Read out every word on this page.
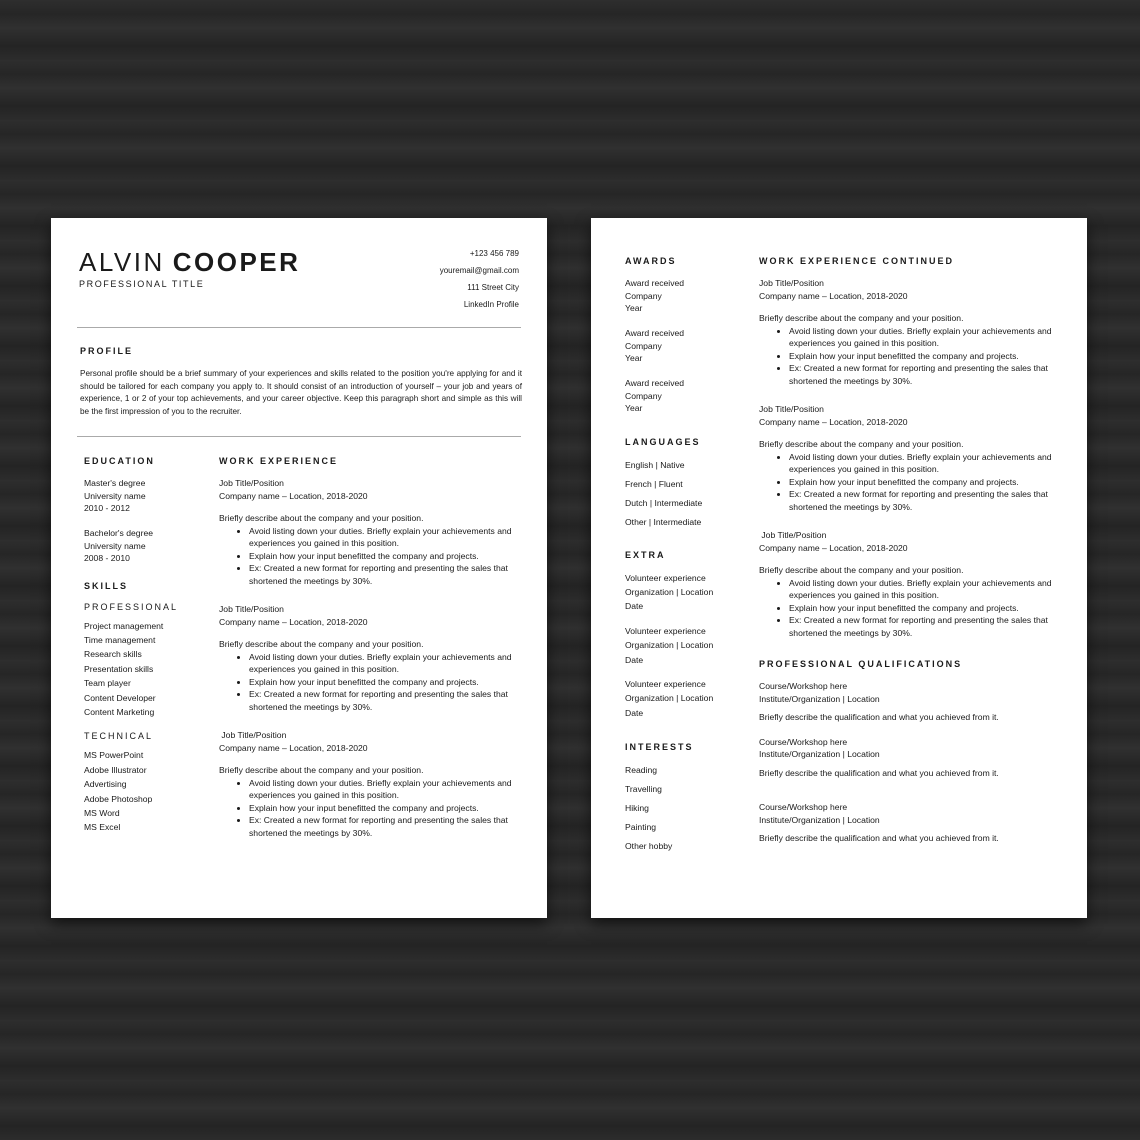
ALVIN COOPER
PROFESSIONAL TITLE
+123 456 789
youremail@gmail.com
111 Street City
LinkedIn Profile
PROFILE
Personal profile should be a brief summary of your experiences and skills related to the position you're applying for and it should be tailored for each company you apply to. It should consist of an introduction of yourself – your job and years of experience, 1 or 2 of your top achievements, and your career objective. Keep this paragraph short and simple as this will be the first impression of you to the recruiter.
EDUCATION
Master's degree
University name
2010 - 2012
Bachelor's degree
University name
2008 - 2010
SKILLS
PROFESSIONAL
Project management
Time management
Research skills
Presentation skills
Team player
Content Developer
Content Marketing
TECHNICAL
MS PowerPoint
Adobe Illustrator
Advertising
Adobe Photoshop
MS Word
MS Excel
WORK EXPERIENCE
Job Title/Position
Company name – Location, 2018-2020
Briefly describe about the company and your position.
• Avoid listing down your duties. Briefly explain your achievements and experiences you gained in this position.
• Explain how your input benefitted the company and projects.
• Ex: Created a new format for reporting and presenting the sales that shortened the meetings by 30%.
Job Title/Position
Company name – Location, 2018-2020
Briefly describe about the company and your position.
• Avoid listing down your duties. Briefly explain your achievements and experiences you gained in this position.
• Explain how your input benefitted the company and projects.
• Ex: Created a new format for reporting and presenting the sales that shortened the meetings by 30%.
Job Title/Position
Company name – Location, 2018-2020
Briefly describe about the company and your position.
• Avoid listing down your duties. Briefly explain your achievements and experiences you gained in this position.
• Explain how your input benefitted the company and projects.
• Ex: Created a new format for reporting and presenting the sales that shortened the meetings by 30%.
AWARDS
Award received
Company
Year
Award received
Company
Year
Award received
Company
Year
LANGUAGES
English | Native
French | Fluent
Dutch | Intermediate
Other | Intermediate
EXTRA
Volunteer experience
Organization | Location
Date
Volunteer experience
Organization | Location
Date
Volunteer experience
Organization | Location
Date
INTERESTS
Reading
Travelling
Hiking
Painting
Other hobby
WORK EXPERIENCE CONTINUED
Job Title/Position
Company name – Location, 2018-2020
Briefly describe about the company and your position.
• Avoid listing down your duties. Briefly explain your achievements and experiences you gained in this position.
• Explain how your input benefitted the company and projects.
• Ex: Created a new format for reporting and presenting the sales that shortened the meetings by 30%.
Job Title/Position
Company name – Location, 2018-2020
Briefly describe about the company and your position.
• Avoid listing down your duties. Briefly explain your achievements and experiences you gained in this position.
• Explain how your input benefitted the company and projects.
• Ex: Created a new format for reporting and presenting the sales that shortened the meetings by 30%.
Job Title/Position
Company name – Location, 2018-2020
Briefly describe about the company and your position.
• Avoid listing down your duties. Briefly explain your achievements and experiences you gained in this position.
• Explain how your input benefitted the company and projects.
• Ex: Created a new format for reporting and presenting the sales that shortened the meetings by 30%.
PROFESSIONAL QUALIFICATIONS
Course/Workshop here
Institute/Organization | Location
Briefly describe the qualification and what you achieved from it.
Course/Workshop here
Institute/Organization | Location
Briefly describe the qualification and what you achieved from it.
Course/Workshop here
Institute/Organization | Location
Briefly describe the qualification and what you achieved from it.
